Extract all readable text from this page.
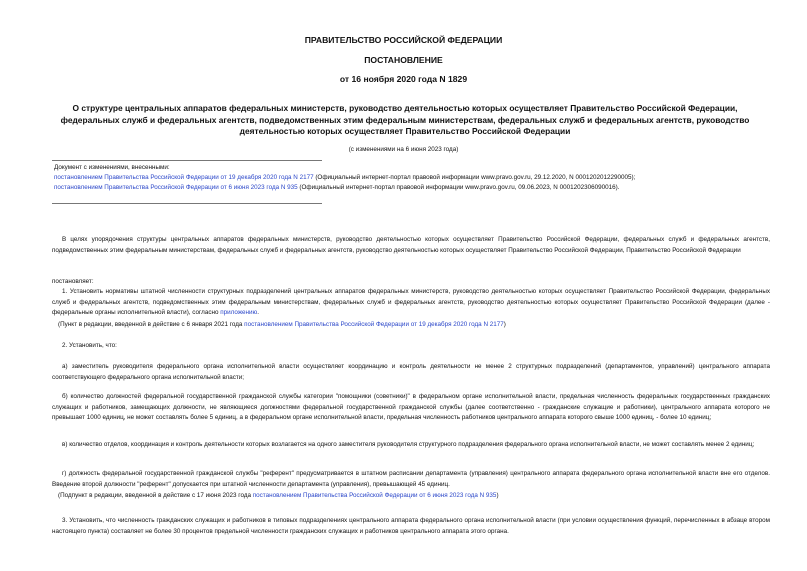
ПРАВИТЕЛЬСТВО РОССИЙСКОЙ ФЕДЕРАЦИИ
ПОСТАНОВЛЕНИЕ
от 16 ноября 2020 года N 1829
О структуре центральных аппаратов федеральных министерств, руководство деятельностью которых осуществляет Правительство Российской Федерации, федеральных служб и федеральных агентств, подведомственных этим федеральным министерствам, федеральных служб и федеральных агентств, руководство деятельностью которых осуществляет Правительство Российской Федерации
(с изменениями на 6 июня 2023 года)
Документ с изменениями, внесенными:
постановлением Правительства Российской Федерации от 19 декабря 2020 года N 2177 (Официальный интернет-портал правовой информации www.pravo.gov.ru, 29.12.2020, N 0001202012290005);
постановлением Правительства Российской Федерации от 6 июня 2023 года N 935 (Официальный интернет-портал правовой информации www.pravo.gov.ru, 09.06.2023, N 0001202306090016).
В целях упорядочения структуры центральных аппаратов федеральных министерств, руководство деятельностью которых осуществляет Правительство Российской Федерации, федеральных служб и федеральных агентств, подведомственных этим федеральным министерствам, федеральных служб и федеральных агентств, руководство деятельностью которых осуществляет Правительство Российской Федерации, Правительство Российской Федерации
постановляет:
1. Установить нормативы штатной численности структурных подразделений центральных аппаратов федеральных министерств, руководство деятельностью которых осуществляет Правительство Российской Федерации, федеральных служб и федеральных агентств, подведомственных этим федеральным министерствам, федеральных служб и федеральных агентств, руководство деятельностью которых осуществляет Правительство Российской Федерации (далее - федеральные органы исполнительной власти), согласно приложению.
(Пункт в редакции, введенной в действие с 6 января 2021 года постановлением Правительства Российской Федерации от 19 декабря 2020 года N 2177)
2. Установить, что:
а) заместитель руководителя федерального органа исполнительной власти осуществляет координацию и контроль деятельности не менее 2 структурных подразделений (департаментов, управлений) центрального аппарата соответствующего федерального органа исполнительной власти;
б) количество должностей федеральной государственной гражданской службы категории "помощники (советники)" в федеральном органе исполнительной власти, предельная численность федеральных государственных гражданских служащих и работников, замещающих должности, не являющиеся должностями федеральной государственной гражданской службы (далее соответственно - гражданские служащие и работники), центрального аппарата которого не превышает 1000 единиц, не может составлять более 5 единиц, а в федеральном органе исполнительной власти, предельная численность работников центрального аппарата которого свыше 1000 единиц, - более 10 единиц;
в) количество отделов, координация и контроль деятельности которых возлагается на одного заместителя руководителя структурного подразделения федерального органа исполнительной власти, не может составлять менее 2 единиц;
г) должность федеральной государственной гражданской службы "референт" предусматривается в штатном расписании департамента (управления) центрального аппарата федерального органа исполнительной власти вне его отделов. Введение второй должности "референт" допускается при штатной численности департамента (управления), превышающей 45 единиц.
(Подпункт в редакции, введенной в действие с 17 июня 2023 года постановлением Правительства Российской Федерации от 6 июня 2023 года N 935)
3. Установить, что численность гражданских служащих и работников в типовых подразделениях центрального аппарата федерального органа исполнительной власти (при условии осуществления функций, перечисленных в абзаце втором настоящего пункта) составляет не более 30 процентов предельной численности гражданских служащих и работников центрального аппарата этого органа.
